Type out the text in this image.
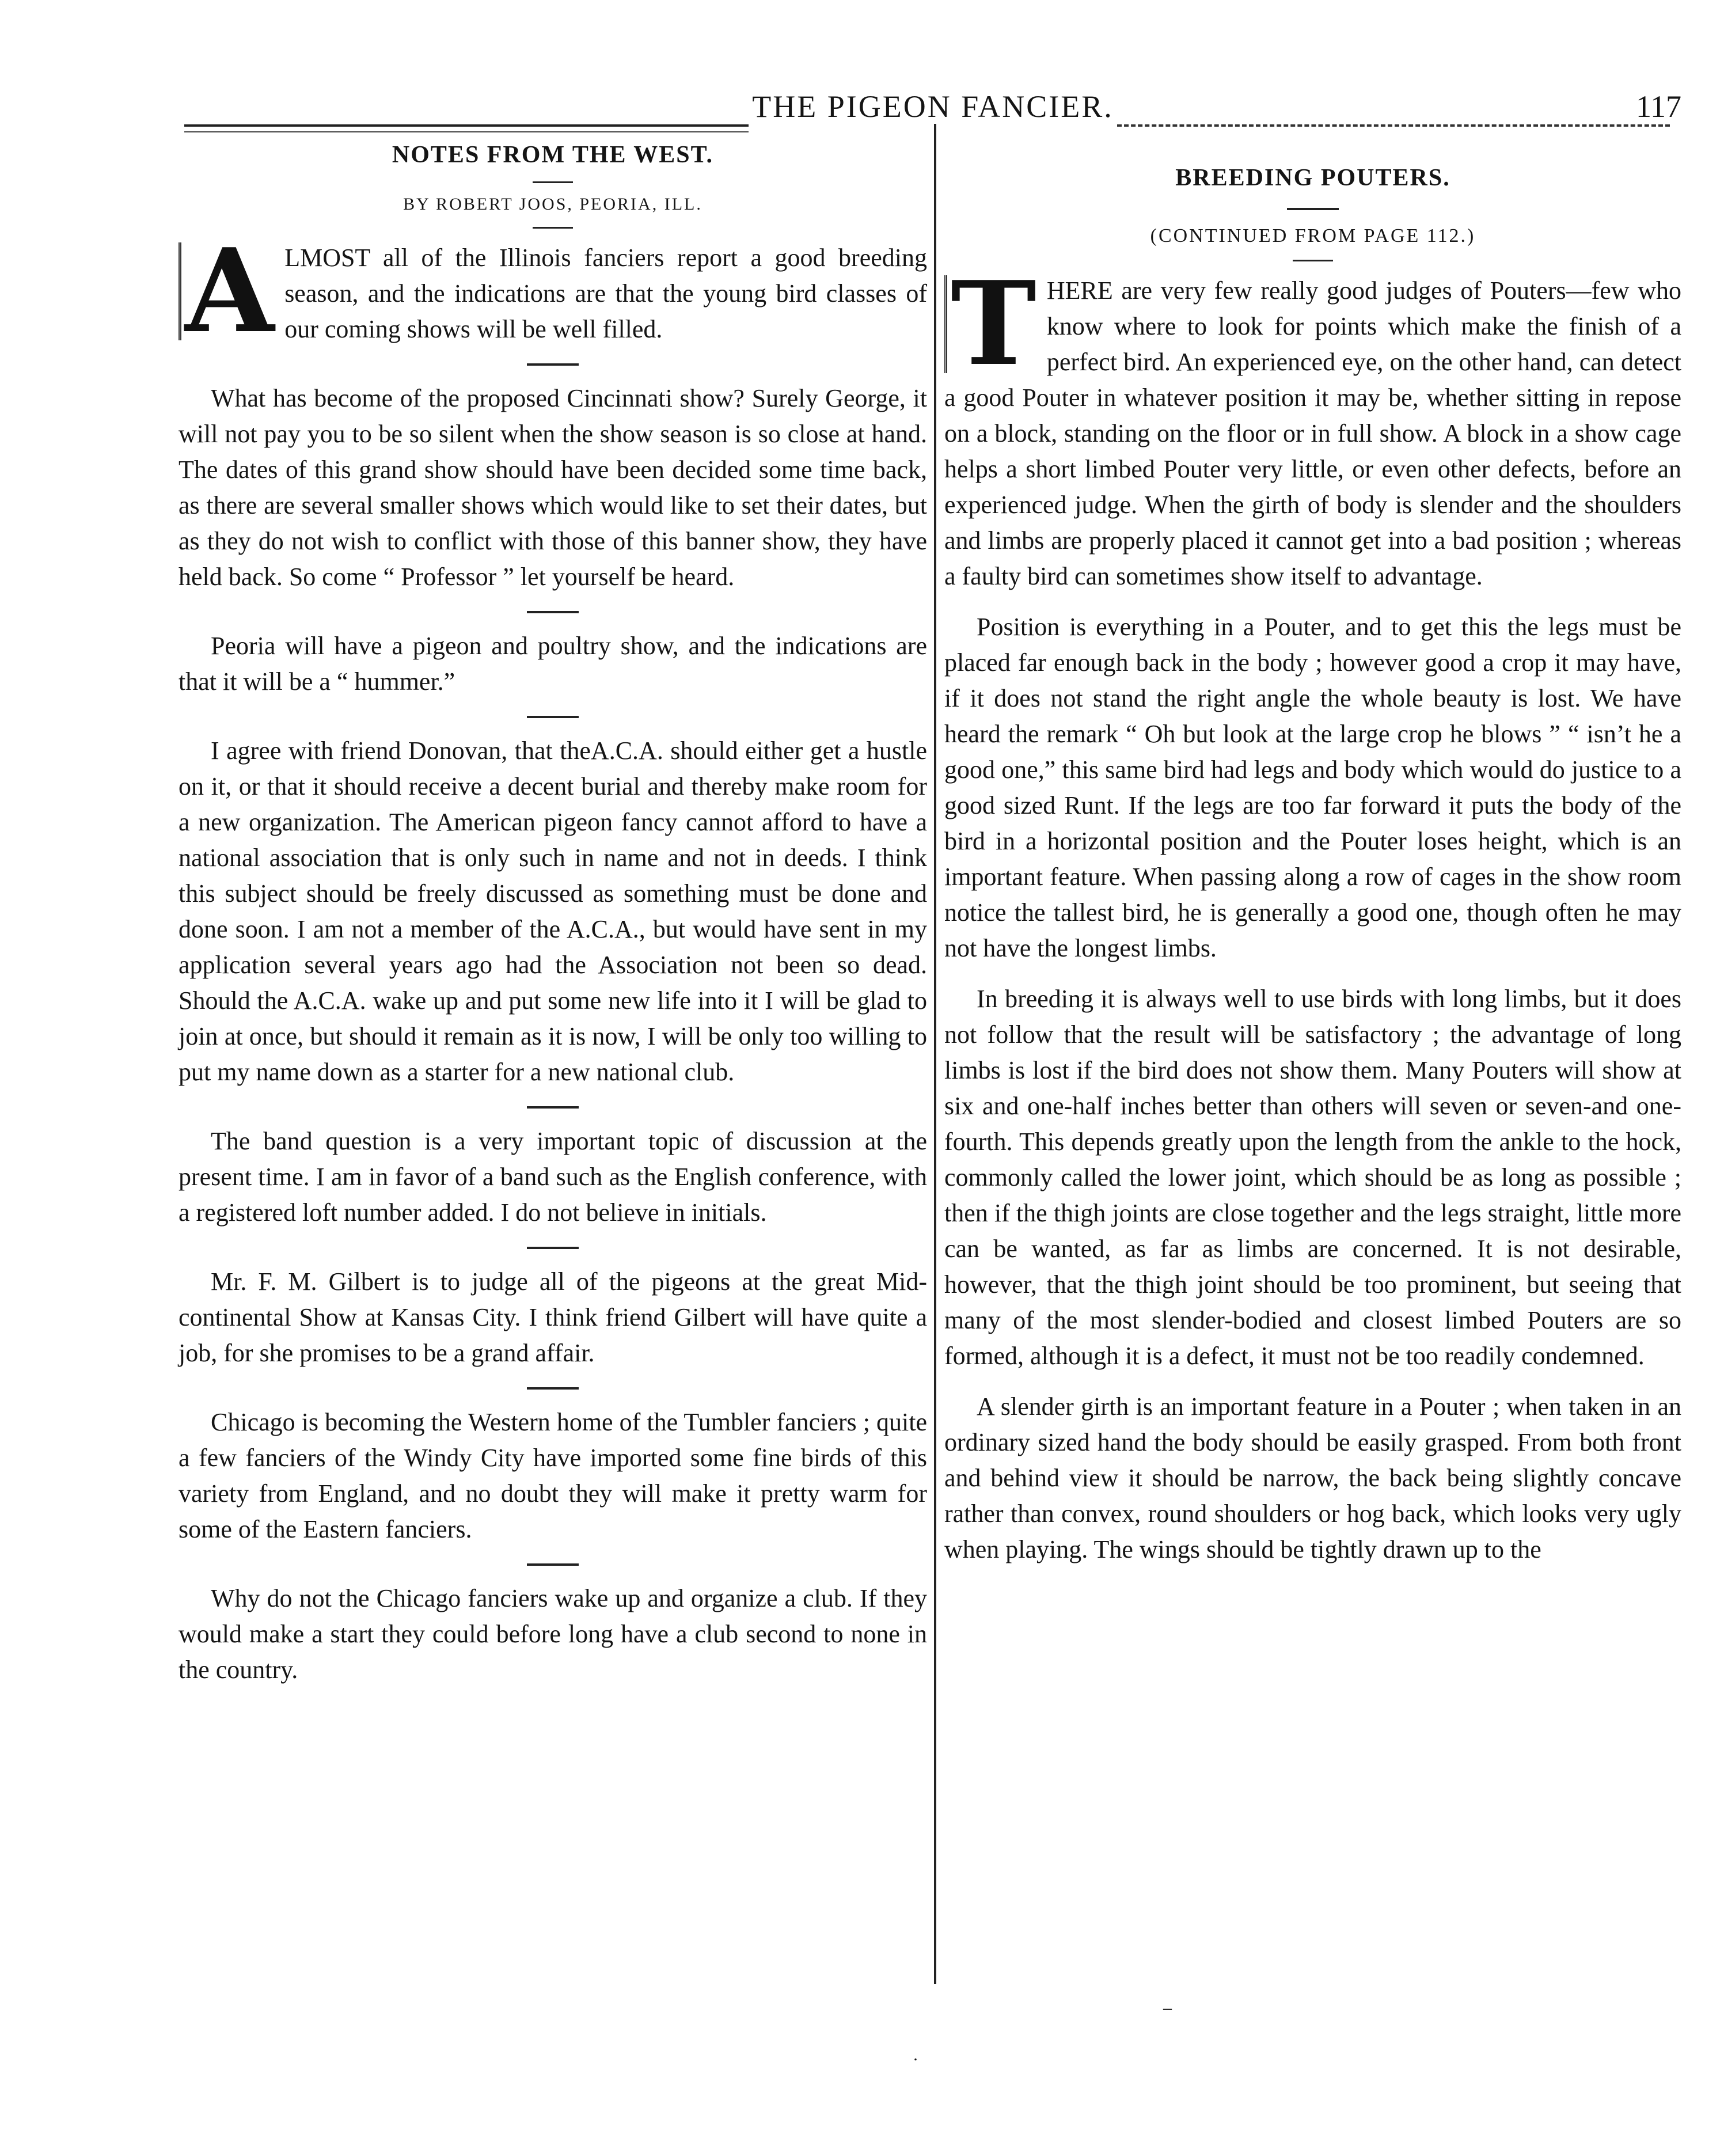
THE PIGEON FANCIER.	117
NOTES FROM THE WEST.
BY ROBERT JOOS, PEORIA, ILL.

A LMOST all of the Illinois fanciers report a good breeding season, and the indications are that the young bird classes of our coming shows will be well filled.

What has become of the proposed Cincinnati show? Surely George, it will not pay you to be so silent when the show season is so close at hand. The dates of this grand show should have been decided some time back, as there are several smaller shows which would like to set their dates, but as they do not wish to conflict with those of this banner show, they have held back. So come “ Professor ” let yourself be heard.

Peoria will have a pigeon and poultry show, and the indications are that it will be a “ hummer.”

I agree with friend Donovan, that theA.C.A. should either get a hustle on it, or that it should receive a decent burial and thereby make room for a new organization. The American pigeon fancy cannot afford to have a national association that is only such in name and not in deeds. I think this subject should be freely discussed as something must be done and done soon. I am not a member of the A.C.A., but would have sent in my application several years ago had the Association not been so dead. Should the A.C.A. wake up and put some new life into it I will be glad to join at once, but should it remain as it is now, I will be only too willing to put my name down as a starter for a new national club.

The band question is a very important topic of discussion at the present time. I am in favor of a band such as the English conference, with a registered loft number added. I do not believe in initials.

Mr. F. M. Gilbert is to judge all of the pigeons at the great Mid-continental Show at Kansas City. I think friend Gilbert will have quite a job, for she promises to be a grand affair.

Chicago is becoming the Western home of the Tumbler fanciers ; quite a few fanciers of the Windy City have imported some fine birds of this variety from England, and no doubt they will make it pretty warm for some of the Eastern fanciers.

Why do not the Chicago fanciers wake up and organize a club. If they would make a start they could before long have a club second to none in the country.

BREEDING POUTERS.
(CONTINUED FROM PAGE 112.)

T HERE are very few really good judges of Pouters—few who know where to look for points which make the finish of a perfect bird. An experienced eye, on the other hand, can detect a good Pouter in whatever position it may be, whether sitting in repose on a block, standing on the floor or in full show. A block in a show cage helps a short limbed Pouter very little, or even other defects, before an experienced judge. When the girth of body is slender and the shoulders and limbs are properly placed it cannot get into a bad position ; whereas a faulty bird can sometimes show itself to advantage.

Position is everything in a Pouter, and to get this the legs must be placed far enough back in the body ; however good a crop it may have, if it does not stand the right angle the whole beauty is lost. We have heard the remark “ Oh but look at the large crop he blows ” “ isn’t he a good one,” this same bird had legs and body which would do justice to a good sized Runt. If the legs are too far forward it puts the body of the bird in a horizontal position and the Pouter loses height, which is an important feature. When passing along a row of cages in the show room notice the tallest bird, he is generally a good one, though often he may not have the longest limbs.

In breeding it is always well to use birds with long limbs, but it does not follow that the result will be satisfactory ; the advantage of long limbs is lost if the bird does not show them. Many Pouters will show at six and one-half inches better than others will seven or seven-and one-fourth. This depends greatly upon the length from the ankle to the hock, commonly called the lower joint, which should be as long as possible ; then if the thigh joints are close together and the legs straight, little more can be wanted, as far as limbs are concerned. It is not desirable, however, that the thigh joint should be too prominent, but seeing that many of the most slender-bodied and closest limbed Pouters are so formed, although it is a defect, it must not be too readily condemned.

A slender girth is an important feature in a Pouter ; when taken in an ordinary sized hand the body should be easily grasped. From both front and behind view it should be narrow, the back being slightly concave rather than convex, round shoulders or hog back, which looks very ugly when playing. The wings should be tightly drawn up to the

–
·
